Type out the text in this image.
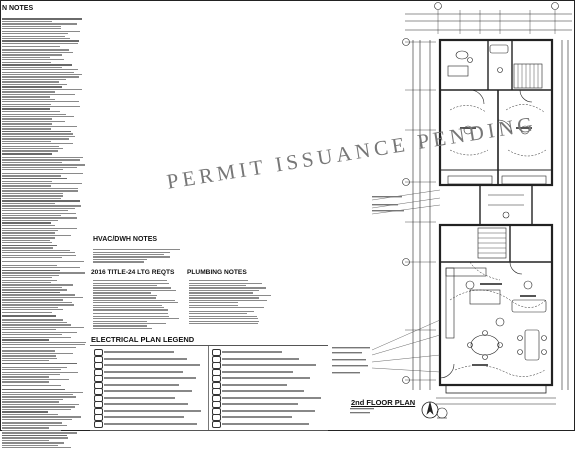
N NOTES
HVAC/DWH NOTES
2016 TITLE-24 LTG REQTS PLUMBING NOTES
ELECTRICAL PLAN LEGEND
2nd FLOOR PLAN
PERMIT ISSUANCE PENDING
